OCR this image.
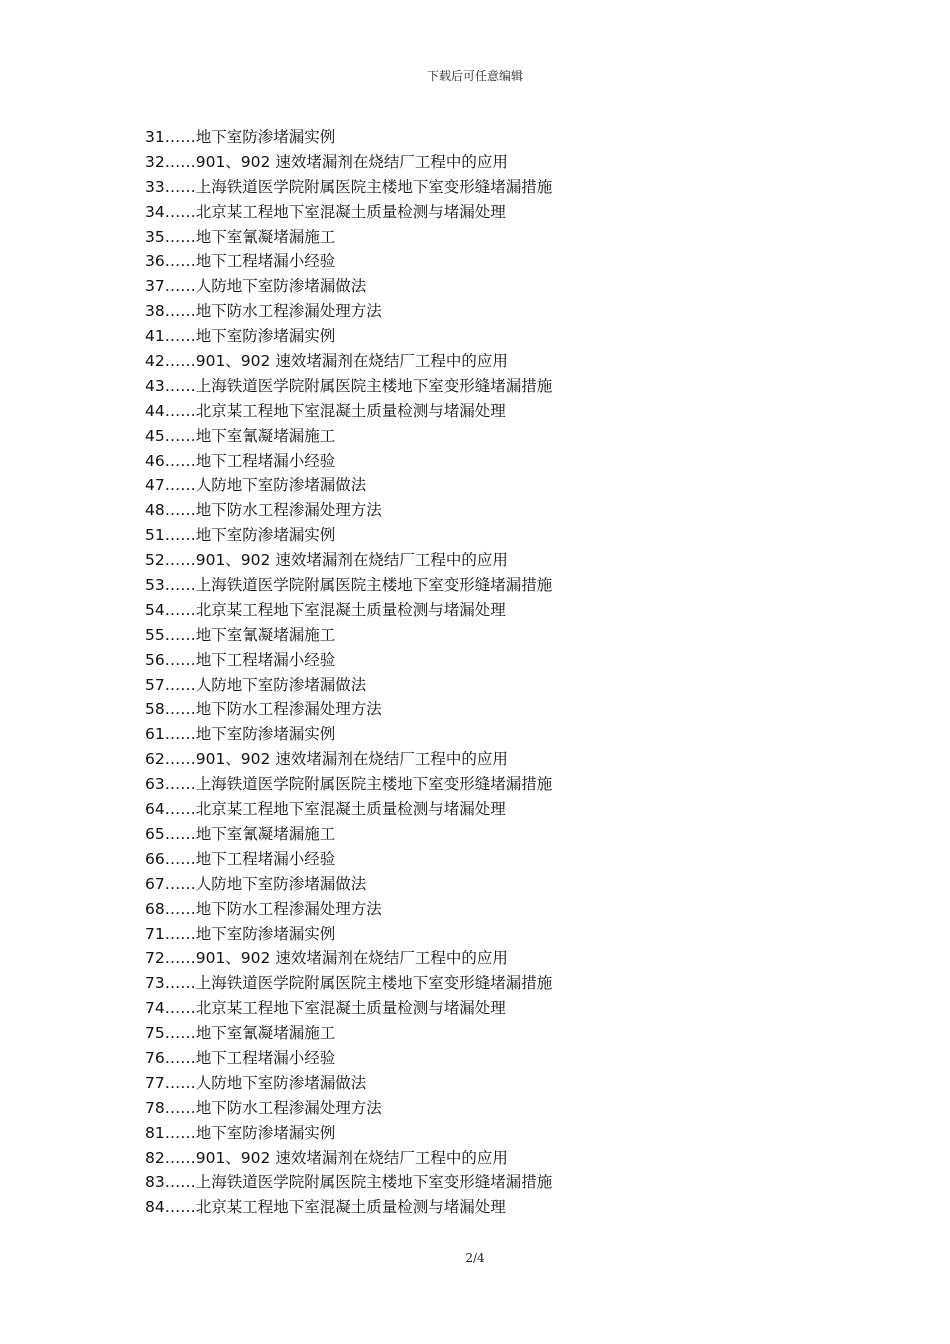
下载后可任意编辑
31……地下室防渗堵漏实例
32……901、902 速效堵漏剂在烧结厂工程中的应用
33……上海铁道医学院附属医院主楼地下室变形缝堵漏措施
34……北京某工程地下室混凝土质量检测与堵漏处理
35……地下室氰凝堵漏施工
36……地下工程堵漏小经验
37……人防地下室防渗堵漏做法
38……地下防水工程渗漏处理方法
41……地下室防渗堵漏实例
42……901、902 速效堵漏剂在烧结厂工程中的应用
43……上海铁道医学院附属医院主楼地下室变形缝堵漏措施
44……北京某工程地下室混凝土质量检测与堵漏处理
45……地下室氰凝堵漏施工
46……地下工程堵漏小经验
47……人防地下室防渗堵漏做法
48……地下防水工程渗漏处理方法
51……地下室防渗堵漏实例
52……901、902 速效堵漏剂在烧结厂工程中的应用
53……上海铁道医学院附属医院主楼地下室变形缝堵漏措施
54……北京某工程地下室混凝土质量检测与堵漏处理
55……地下室氰凝堵漏施工
56……地下工程堵漏小经验
57……人防地下室防渗堵漏做法
58……地下防水工程渗漏处理方法
61……地下室防渗堵漏实例
62……901、902 速效堵漏剂在烧结厂工程中的应用
63……上海铁道医学院附属医院主楼地下室变形缝堵漏措施
64……北京某工程地下室混凝土质量检测与堵漏处理
65……地下室氰凝堵漏施工
66……地下工程堵漏小经验
67……人防地下室防渗堵漏做法
68……地下防水工程渗漏处理方法
71……地下室防渗堵漏实例
72……901、902 速效堵漏剂在烧结厂工程中的应用
73……上海铁道医学院附属医院主楼地下室变形缝堵漏措施
74……北京某工程地下室混凝土质量检测与堵漏处理
75……地下室氰凝堵漏施工
76……地下工程堵漏小经验
77……人防地下室防渗堵漏做法
78……地下防水工程渗漏处理方法
81……地下室防渗堵漏实例
82……901、902 速效堵漏剂在烧结厂工程中的应用
83……上海铁道医学院附属医院主楼地下室变形缝堵漏措施
84……北京某工程地下室混凝土质量检测与堵漏处理
2/4
